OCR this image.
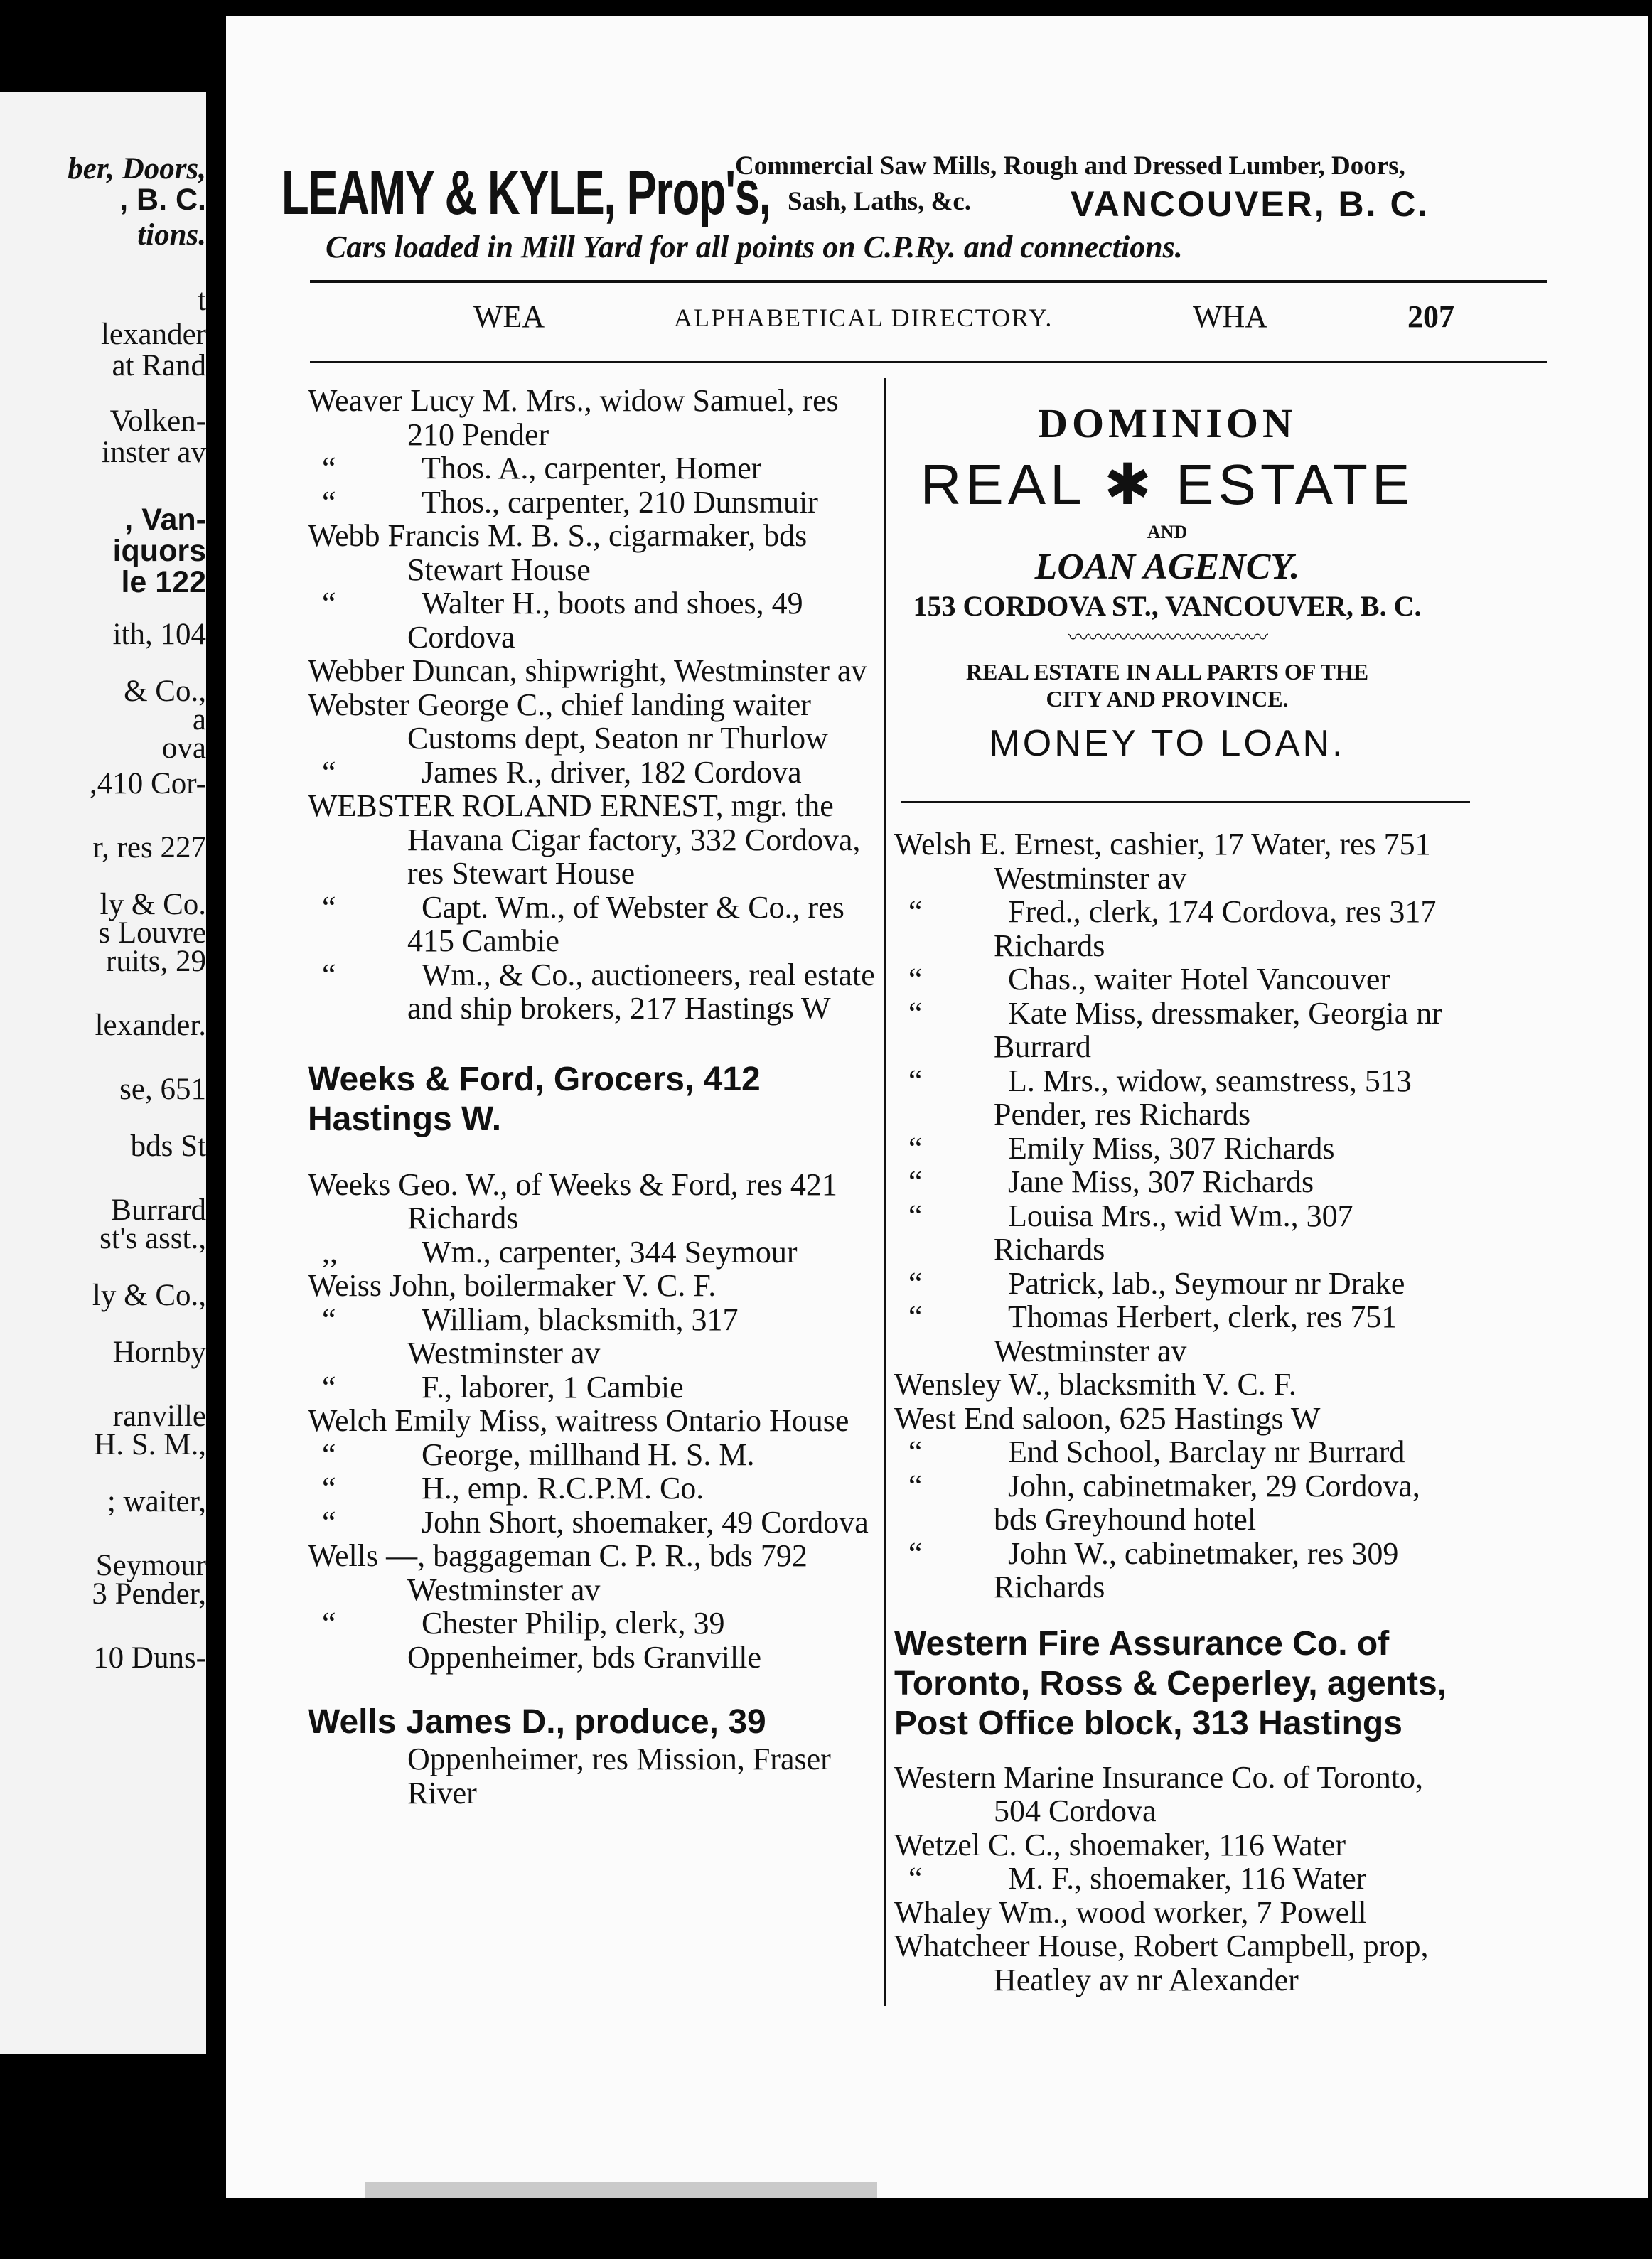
ber, Doors,
, B. C.
tions.
t
lexander
at Rand
Volken-
inster av
, Van-
iquors
le 122
ith, 104
& Co.,
a
ova
,410 Cor-
r, res 227
ly & Co.
s Louvre
ruits, 29
lexander.
se, 651
bds St
Burrard
st's asst.,
ly & Co.,
Hornby
ranville
H. S. M.,
; waiter,
Seymour
3 Pender,
10 Duns-
LEAMY & KYLE, Prop's,
Commercial Saw Mills, Rough and Dressed Lumber, Doors,
Sash, Laths, &c.	VANCOUVER, B. C.
Cars loaded in Mill Yard for all points on C.P.Ry. and connections.
WEA	ALPHABETICAL DIRECTORY.	WHA	207
Weaver Lucy M. Mrs., widow Samuel, res 210 Pender
“	Thos. A., carpenter, Homer
“	Thos., carpenter, 210 Dunsmuir
Webb Francis M. B. S., cigarmaker, bds Stewart House
“	Walter H., boots and shoes, 49 Cordova
Webber Duncan, shipwright, Westminster av
Webster George C., chief landing waiter Customs dept, Seaton nr Thurlow
“	James R., driver, 182 Cordova
WEBSTER ROLAND ERNEST, mgr. the Havana Cigar factory, 332 Cordova, res Stewart House
“	Capt. Wm., of Webster & Co., res 415 Cambie
“	Wm., & Co., auctioneers, real estate and ship brokers, 217 Hastings W
Weeks & Ford, Grocers, 412 Hastings W.
Weeks Geo. W., of Weeks & Ford, res 421 Richards
,,	Wm., carpenter, 344 Seymour
Weiss John, boilermaker V. C. F.
“	William, blacksmith, 317 Westminster av
“	F., laborer, 1 Cambie
Welch Emily Miss, waitress Ontario House
“	George, millhand H. S. M.
“	H., emp. R.C.P.M. Co.
“	John Short, shoemaker, 49 Cordova
Wells —, baggageman C. P. R., bds 792 Westminster av
“	Chester Philip, clerk, 39 Oppenheimer, bds Granville
Wells James D., produce, 39 Oppenheimer, res Mission, Fraser River
DOMINION
REAL ✱ ESTATE
AND
LOAN AGENCY.
153 CORDOVA ST., VANCOUVER, B. C.
〰〰〰〰〰〰〰〰〰〰
REAL ESTATE IN ALL PARTS OF THE
CITY AND PROVINCE.
MONEY TO LOAN.
Welsh E. Ernest, cashier, 17 Water, res 751 Westminster av
“	Fred., clerk, 174 Cordova, res 317 Richards
“	Chas., waiter Hotel Vancouver
“	Kate Miss, dressmaker, Georgia nr Burrard
“	L. Mrs., widow, seamstress, 513 Pender, res Richards
“	Emily Miss, 307 Richards
“	Jane Miss, 307 Richards
“	Louisa Mrs., wid Wm., 307 Richards
“	Patrick, lab., Seymour nr Drake
“	Thomas Herbert, clerk, res 751 Westminster av
Wensley W., blacksmith V. C. F.
West End saloon, 625 Hastings W
“	End School, Barclay nr Burrard
“	John, cabinetmaker, 29 Cordova, bds Greyhound hotel
“	John W., cabinetmaker, res 309 Richards
Western Fire Assurance Co. of Toronto, Ross & Ceperley, agents, Post Office block, 313 Hastings
Western Marine Insurance Co. of Toronto, 504 Cordova
Wetzel C. C., shoemaker, 116 Water
“	M. F., shoemaker, 116 Water
Whaley Wm., wood worker, 7 Powell
Whatcheer House, Robert Campbell, prop, Heatley av nr Alexander
